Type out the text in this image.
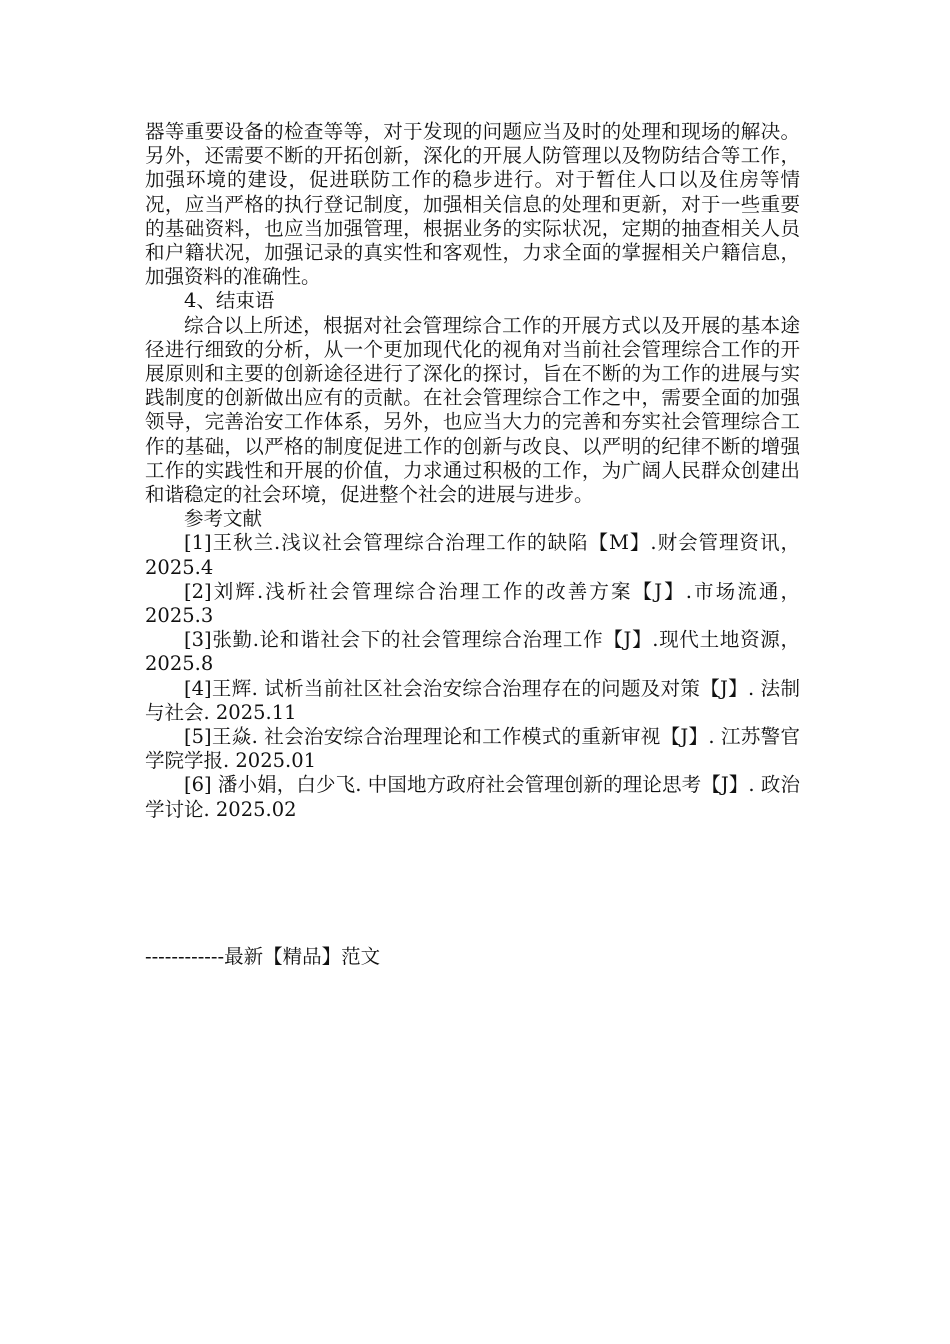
器等重要设备的检查等等，对于发现的问题应当及时的处理和现场的解决。另外，还需要不断的开拓创新，深化的开展人防管理以及物防结合等工作，加强环境的建设，促进联防工作的稳步进行。对于暂住人口以及住房等情况，应当严格的执行登记制度，加强相关信息的处理和更新，对于一些重要的基础资料，也应当加强管理，根据业务的实际状况，定期的抽查相关人员和户籍状况，加强记录的真实性和客观性，力求全面的掌握相关户籍信息，加强资料的准确性。

4、结束语

综合以上所述，根据对社会管理综合工作的开展方式以及开展的基本途径进行细致的分析，从一个更加现代化的视角对当前社会管理综合工作的开展原则和主要的创新途径进行了深化的探讨，旨在不断的为工作的进展与实践制度的创新做出应有的贡献。在社会管理综合工作之中，需要全面的加强领导，完善治安工作体系，另外，也应当大力的完善和夯实社会管理综合工作的基础，以严格的制度促进工作的创新与改良、以严明的纪律不断的增强工作的实践性和开展的价值，力求通过积极的工作，为广阔人民群众创建出和谐稳定的社会环境，促进整个社会的进展与进步。

参考文献

[1]王秋兰.浅议社会管理综合治理工作的缺陷【M】.财会管理资讯，2025.4

[2]刘辉.浅析社会管理综合治理工作的改善方案【J】.市场流通，2025.3

[3]张勤.论和谐社会下的社会管理综合治理工作【J】.现代土地资源，2025.8

[4]王辉. 试析当前社区社会治安综合治理存在的问题及对策【J】. 法制与社会. 2025.11

[5]王焱. 社会治安综合治理理论和工作模式的重新审视【J】. 江苏警官学院学报. 2025.01

[6] 潘小娟，白少飞. 中国地方政府社会管理创新的理论思考【J】. 政治学讨论. 2025.02

------------最新【精品】范文
